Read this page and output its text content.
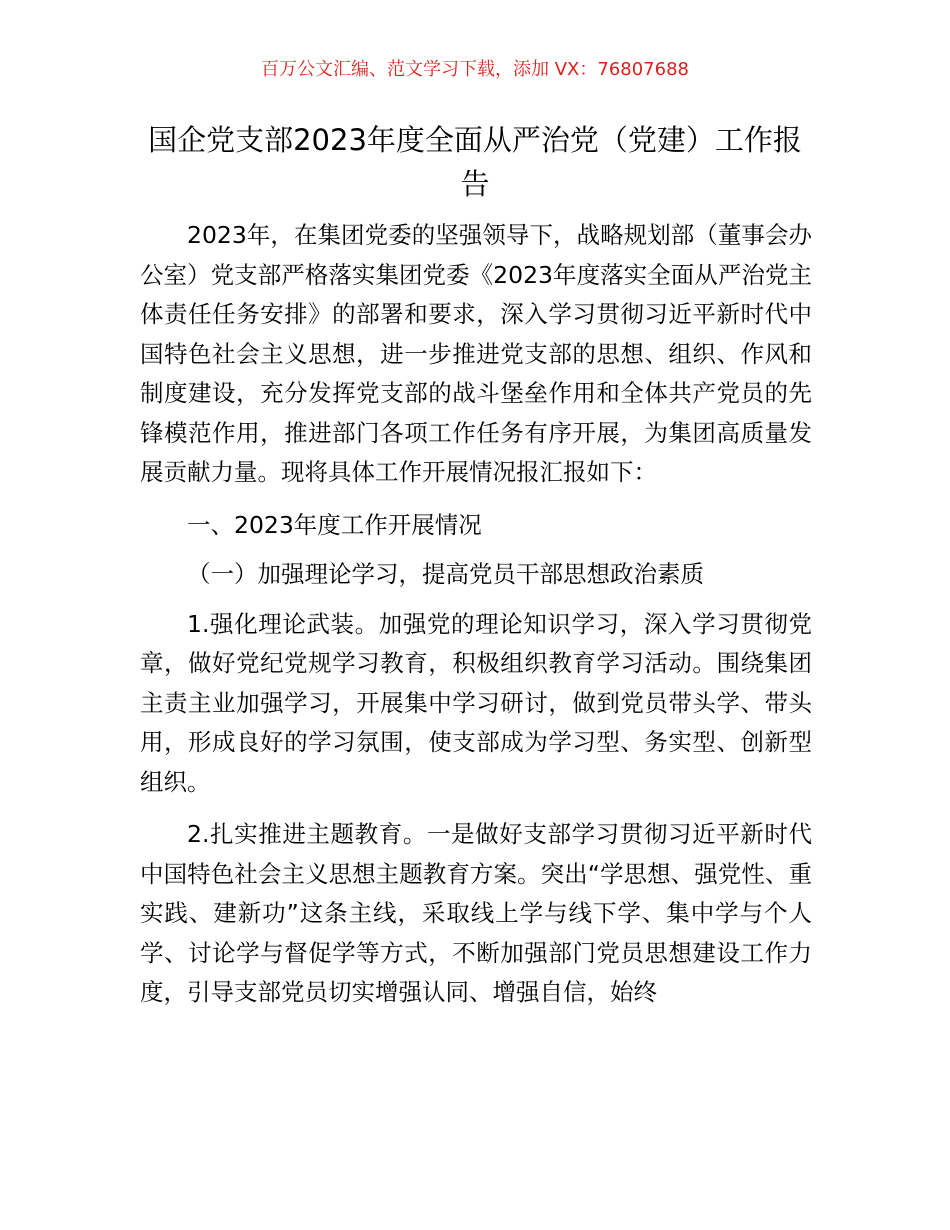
百万公文汇编、范文学习下载，添加 VX：76807688
国企党支部2023年度全面从严治党（党建）工作报告

2023年，在集团党委的坚强领导下，战略规划部（董事会办公室）党支部严格落实集团党委《2023年度落实全面从严治党主体责任任务安排》的部署和要求，深入学习贯彻习近平新时代中国特色社会主义思想，进一步推进党支部的思想、组织、作风和制度建设，充分发挥党支部的战斗堡垒作用和全体共产党员的先锋模范作用，推进部门各项工作任务有序开展，为集团高质量发展贡献力量。现将具体工作开展情况报汇报如下：

一、2023年度工作开展情况

（一）加强理论学习，提高党员干部思想政治素质

1.强化理论武装。加强党的理论知识学习，深入学习贯彻党章，做好党纪党规学习教育，积极组织教育学习活动。围绕集团主责主业加强学习，开展集中学习研讨，做到党员带头学、带头用，形成良好的学习氛围，使支部成为学习型、务实型、创新型组织。

2.扎实推进主题教育。一是做好支部学习贯彻习近平新时代中国特色社会主义思想主题教育方案。突出“学思想、强党性、重实践、建新功”这条主线，采取线上学与线下学、集中学与个人学、讨论学与督促学等方式，不断加强部门党员思想建设工作力度，引导支部党员切实增强认同、增强自信，始终
